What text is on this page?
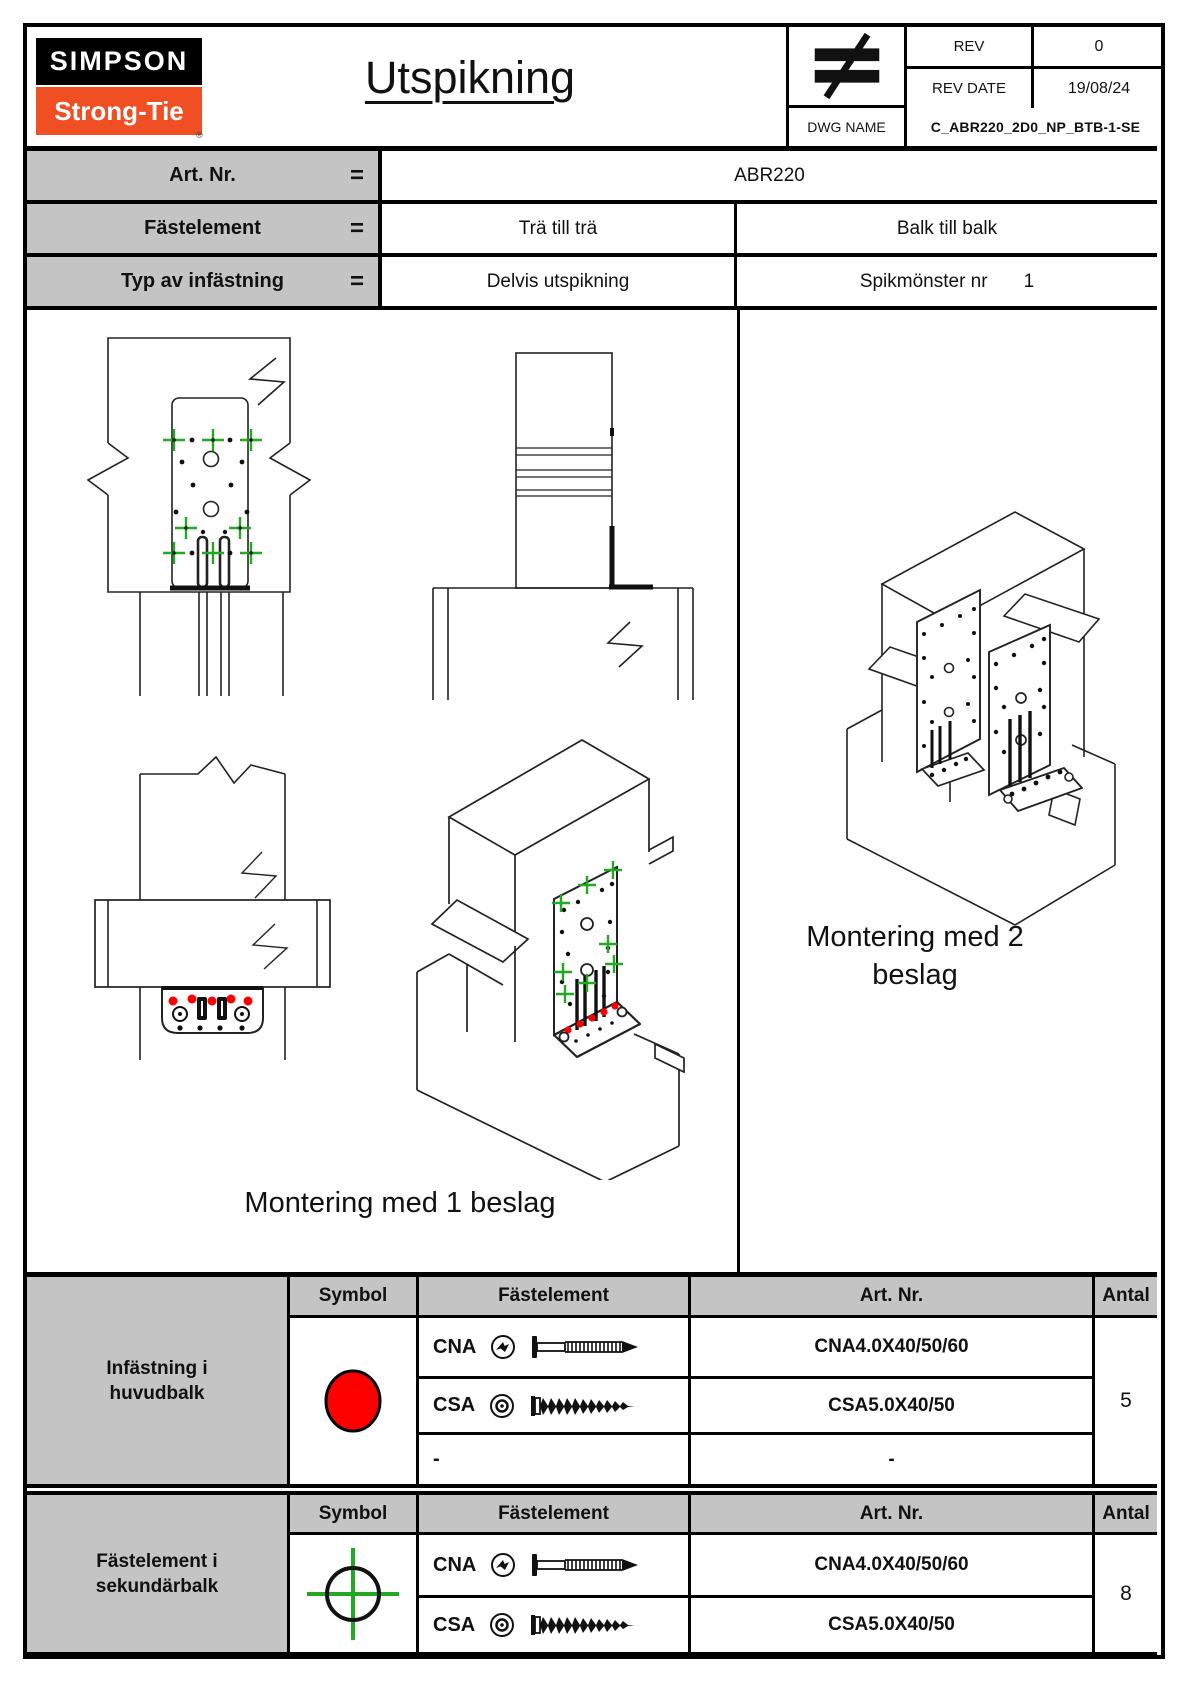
SIMPSON
Strong-Tie
®
Utspikning
REV	0
REV DATE	19/08/24
DWG NAME	C_ABR220_2D0_NP_BTB-1-SE
Art. Nr.	=	ABR220
Fästelement	=	Trä till trä	Balk till balk
Typ av infästning	=	Delvis utspikning	Spikmönster nr 1
Montering med 1 beslag
Montering med 2
beslag
Infästning i huvudbalk
Symbol	Fästelement	Art. Nr.	Antal
CNA	CNA4.0X40/50/60
CSA	CSA5.0X40/50
-	-
5
Fästelement i sekundärbalk
Symbol	Fästelement	Art. Nr.	Antal
CNA	CNA4.0X40/50/60
CSA	CSA5.0X40/50
8
